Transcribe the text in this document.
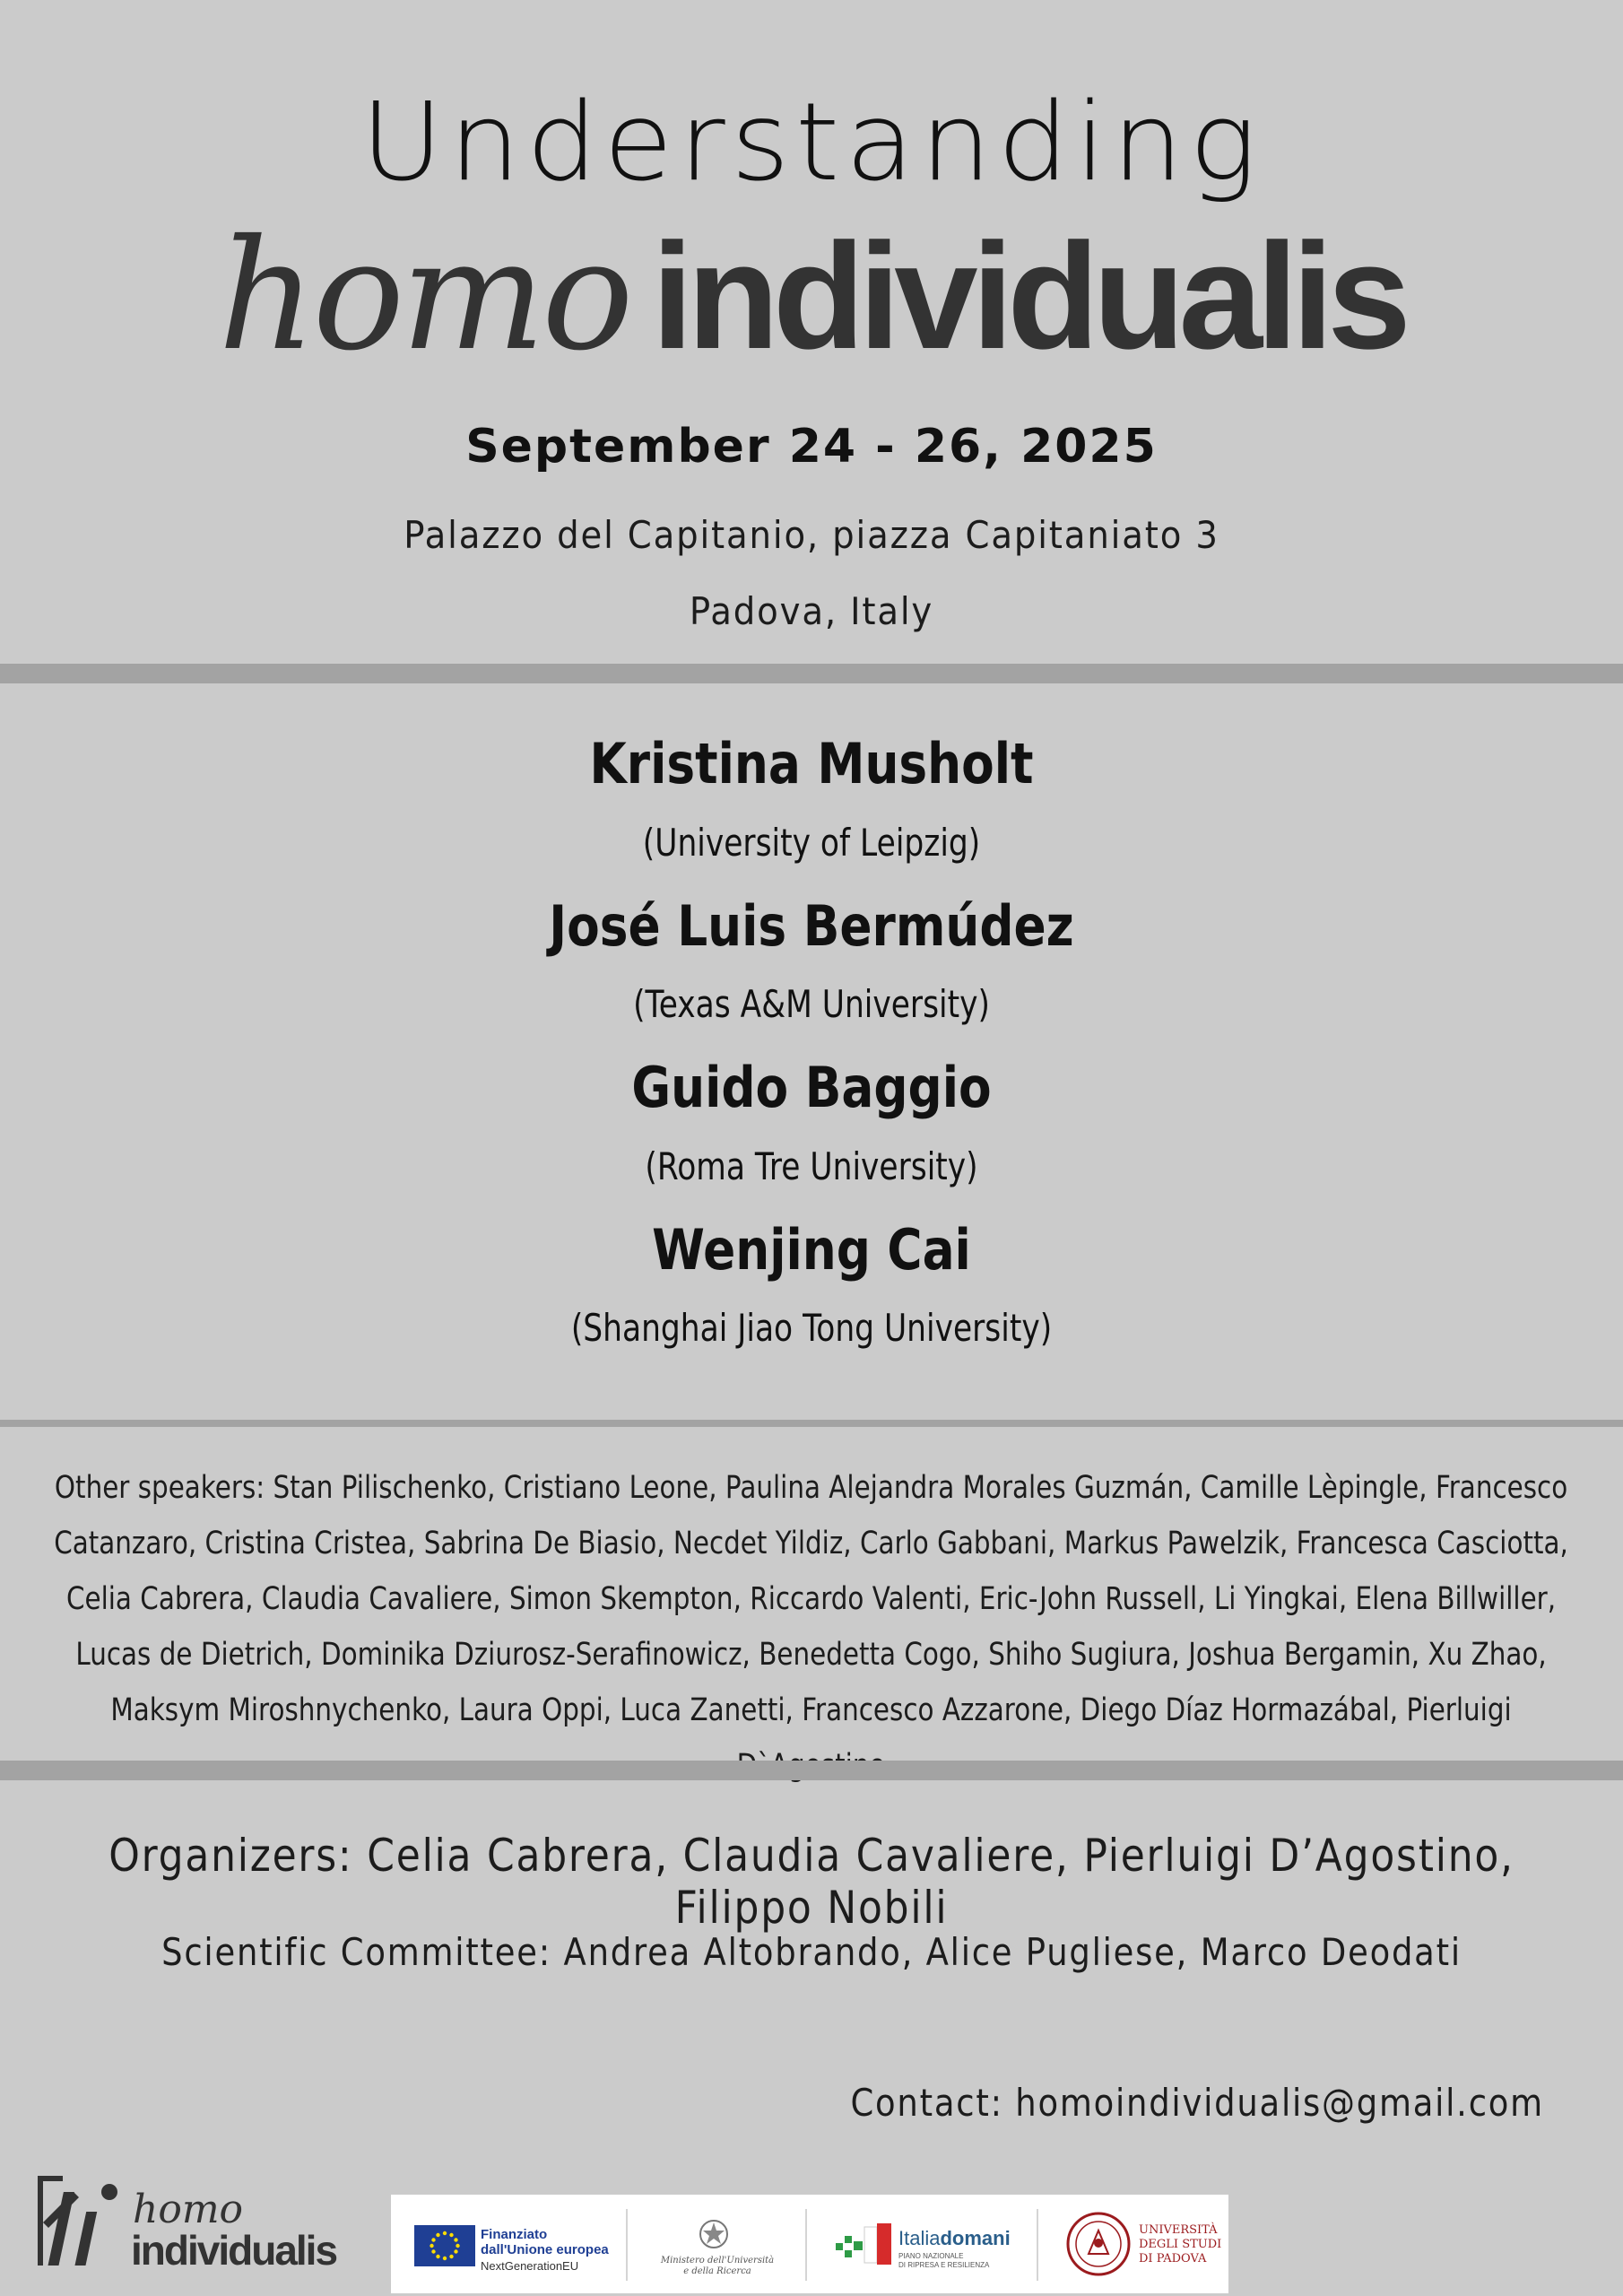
Understanding
homo individualis
September 24 - 26, 2025
Palazzo del Capitanio, piazza Capitaniato 3
Padova, Italy
Kristina Musholt
(University of Leipzig)
José Luis Bermúdez
(Texas A&M University)
Guido Baggio
(Roma Tre University)
Wenjing Cai
(Shanghai Jiao Tong University)
Other speakers: Stan Pilischenko, Cristiano Leone, Paulina Alejandra Morales Guzmán, Camille Lèpingle, Francesco Catanzaro, Cristina Cristea, Sabrina De Biasio, Necdet Yildiz, Carlo Gabbani, Markus Pawelzik, Francesca Casciotta, Celia Cabrera, Claudia Cavaliere, Simon Skempton, Riccardo Valenti, Eric-John Russell, Li Yingkai, Elena Billwiller, Lucas de Dietrich, Dominika Dziurosz-Serafinowicz, Benedetta Cogo, Shiho Sugiura, Joshua Bergamin, Xu Zhao, Maksym Miroshnychenko, Laura Oppi, Luca Zanetti, Francesco Azzarone, Diego Díaz Hormazábal, Pierluigi
Organizers: Celia Cabrera, Claudia Cavaliere, Pierluigi D’Agostino, Filippo Nobili
Scientific Committee: Andrea Altobrando, Alice Pugliese, Marco Deodati
Contact: homoindividualis@gmail.com
homo
individualis	Finanziato
dall'Unione europea
NextGenerationEU	Ministero dell'Università
e della Ricerca
Italiadomani
PIANO NAZIONALE
DI RIPRESA E RESILIENZA
UNIVERSITÀ
DEGLI STUDI
DI PADOVA
